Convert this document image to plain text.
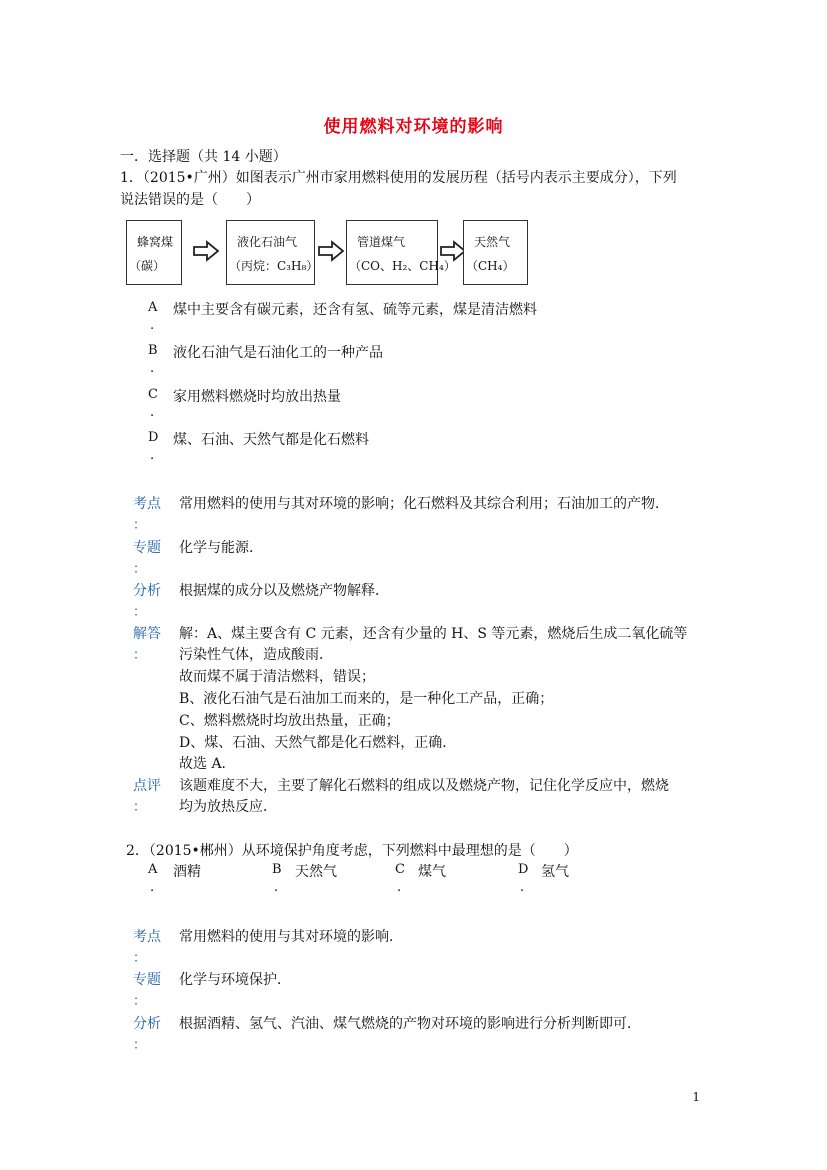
使用燃料对环境的影响
一．选择题（共 14 小题）
1．（2015•广州）如图表示广州市家用燃料使用的发展历程（括号内表示主要成分），下列
说法错误的是（　　）
蜂窝煤
（碳）
液化石油气
（丙烷：C₃H₈）
管道煤气
（CO、H₂、CH₄）
天然气
（CH₄）
A
.
煤中主要含有碳元素，还含有氢、硫等元素，煤是清洁燃料
B
.
液化石油气是石油化工的一种产品
C
.
家用燃料燃烧时均放出热量
D
.
煤、石油、天然气都是化石燃料
考点
：
常用燃料的使用与其对环境的影响；化石燃料及其综合利用；石油加工的产物．
专题
：
化学与能源．
分析
：
根据煤的成分以及燃烧产物解释．
解答
：
解：A、煤主要含有 C 元素，还含有少量的 H、S 等元素，燃烧后生成二氧化硫等
污染性气体，造成酸雨．
故而煤不属于清洁燃料，错误；
B、液化石油气是石油加工而来的，是一种化工产品，正确；
C、燃料燃烧时均放出热量，正确；
D、煤、石油、天然气都是化石燃料，正确．
故选 A．
点评
：
该题难度不大，主要了解化石燃料的组成以及燃烧产物，记住化学反应中，燃烧
均为放热反应．
2．（2015•郴州）从环境保护角度考虑，下列燃料中最理想的是（　　）
A
.
酒精	B
.
天然气	C
.
煤气	D
.
氢气
考点
：
常用燃料的使用与其对环境的影响．
专题
：
化学与环境保护．
分析
：
根据酒精、氢气、汽油、煤气燃烧的产物对环境的影响进行分析判断即可．
1
